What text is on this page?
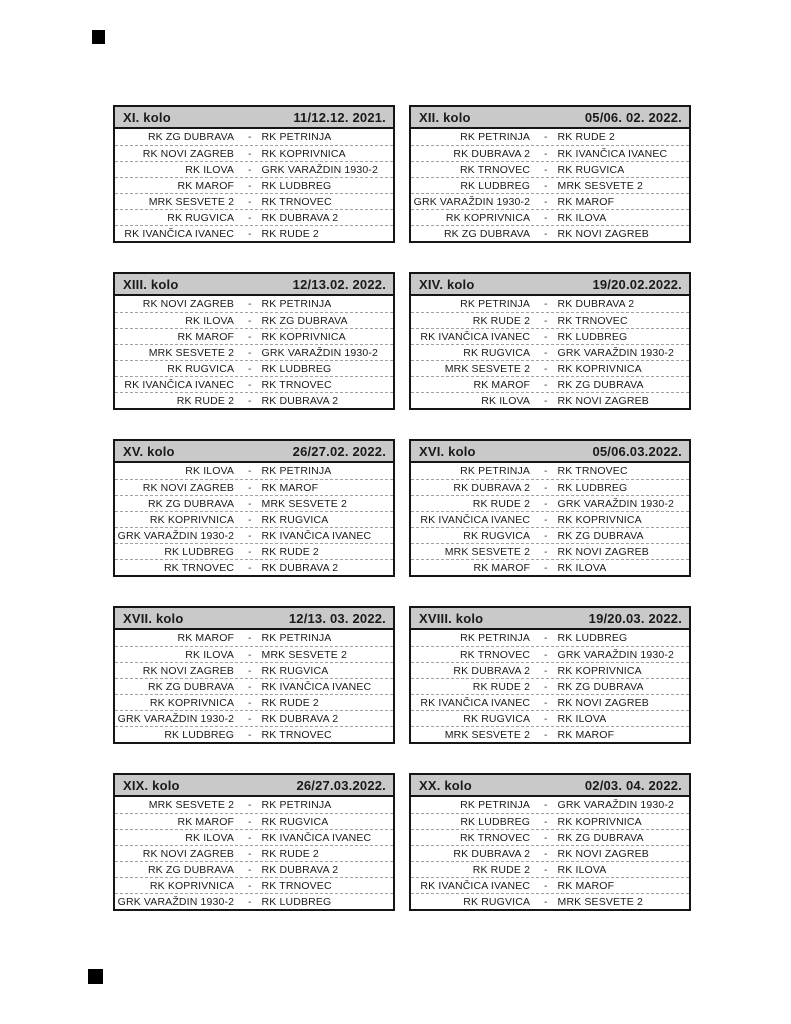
XI. kolo	11/12.12. 2021.
RK ZG DUBRAVA	- RK PETRINJA
RK NOVI ZAGREB	- RK KOPRIVNICA
RK ILOVA	- GRK VARAŽDIN 1930-2
RK MAROF	- RK LUDBREG
MRK SESVETE 2	- RK TRNOVEC
RK RUGVICA	- RK DUBRAVA 2
RK IVANČICA IVANEC	- RK RUDE 2
XII. kolo	05/06. 02. 2022.
RK PETRINJA	- RK RUDE 2
RK DUBRAVA 2	- RK IVANČICA IVANEC
RK TRNOVEC	- RK RUGVICA
RK LUDBREG	- MRK SESVETE 2
GRK VARAŽDIN 1930-2	- RK MAROF
RK KOPRIVNICA	- RK ILOVA
RK ZG DUBRAVA	- RK NOVI ZAGREB
XIII. kolo	12/13.02. 2022.
RK NOVI ZAGREB	- RK PETRINJA
RK ILOVA	- RK ZG DUBRAVA
RK MAROF	- RK KOPRIVNICA
MRK SESVETE 2	- GRK VARAŽDIN 1930-2
RK RUGVICA	- RK LUDBREG
RK IVANČICA IVANEC	- RK TRNOVEC
RK RUDE 2	- RK DUBRAVA 2
XIV. kolo	19/20.02.2022.
RK PETRINJA	- RK DUBRAVA 2
RK RUDE 2	- RK TRNOVEC
RK IVANČICA IVANEC	- RK LUDBREG
RK RUGVICA	- GRK VARAŽDIN 1930-2
MRK SESVETE 2	- RK KOPRIVNICA
RK MAROF	- RK ZG DUBRAVA
RK ILOVA	- RK NOVI ZAGREB
XV. kolo	26/27.02. 2022.
RK ILOVA	- RK PETRINJA
RK NOVI ZAGREB	- RK MAROF
RK ZG DUBRAVA	- MRK SESVETE 2
RK KOPRIVNICA	- RK RUGVICA
GRK VARAŽDIN 1930-2	- RK IVANČICA IVANEC
RK LUDBREG	- RK RUDE 2
RK TRNOVEC	- RK DUBRAVA 2
XVI. kolo	05/06.03.2022.
RK PETRINJA	- RK TRNOVEC
RK DUBRAVA 2	- RK LUDBREG
RK RUDE 2	- GRK VARAŽDIN 1930-2
RK IVANČICA IVANEC	- RK KOPRIVNICA
RK RUGVICA	- RK ZG DUBRAVA
MRK SESVETE 2	- RK NOVI ZAGREB
RK MAROF	- RK ILOVA
XVII. kolo	12/13. 03. 2022.
RK MAROF	- RK PETRINJA
RK ILOVA	- MRK SESVETE 2
RK NOVI ZAGREB	- RK RUGVICA
RK ZG DUBRAVA	- RK IVANČICA IVANEC
RK KOPRIVNICA	- RK RUDE 2
GRK VARAŽDIN 1930-2	- RK DUBRAVA 2
RK LUDBREG	- RK TRNOVEC
XVIII. kolo	19/20.03. 2022.
RK PETRINJA	- RK LUDBREG
RK TRNOVEC	- GRK VARAŽDIN 1930-2
RK DUBRAVA 2	- RK KOPRIVNICA
RK RUDE 2	- RK ZG DUBRAVA
RK IVANČICA IVANEC	- RK NOVI ZAGREB
RK RUGVICA	- RK ILOVA
MRK SESVETE 2	- RK MAROF
XIX. kolo	26/27.03.2022.
MRK SESVETE 2	- RK PETRINJA
RK MAROF	- RK RUGVICA
RK ILOVA	- RK IVANČICA IVANEC
RK NOVI ZAGREB	- RK RUDE 2
RK ZG DUBRAVA	- RK DUBRAVA 2
RK KOPRIVNICA	- RK TRNOVEC
GRK VARAŽDIN 1930-2	- RK LUDBREG
XX. kolo	02/03. 04. 2022.
RK PETRINJA	- GRK VARAŽDIN 1930-2
RK LUDBREG	- RK KOPRIVNICA
RK TRNOVEC	- RK ZG DUBRAVA
RK DUBRAVA 2	- RK NOVI ZAGREB
RK RUDE 2	- RK ILOVA
RK IVANČICA IVANEC	- RK MAROF
RK RUGVICA	- MRK SESVETE 2
